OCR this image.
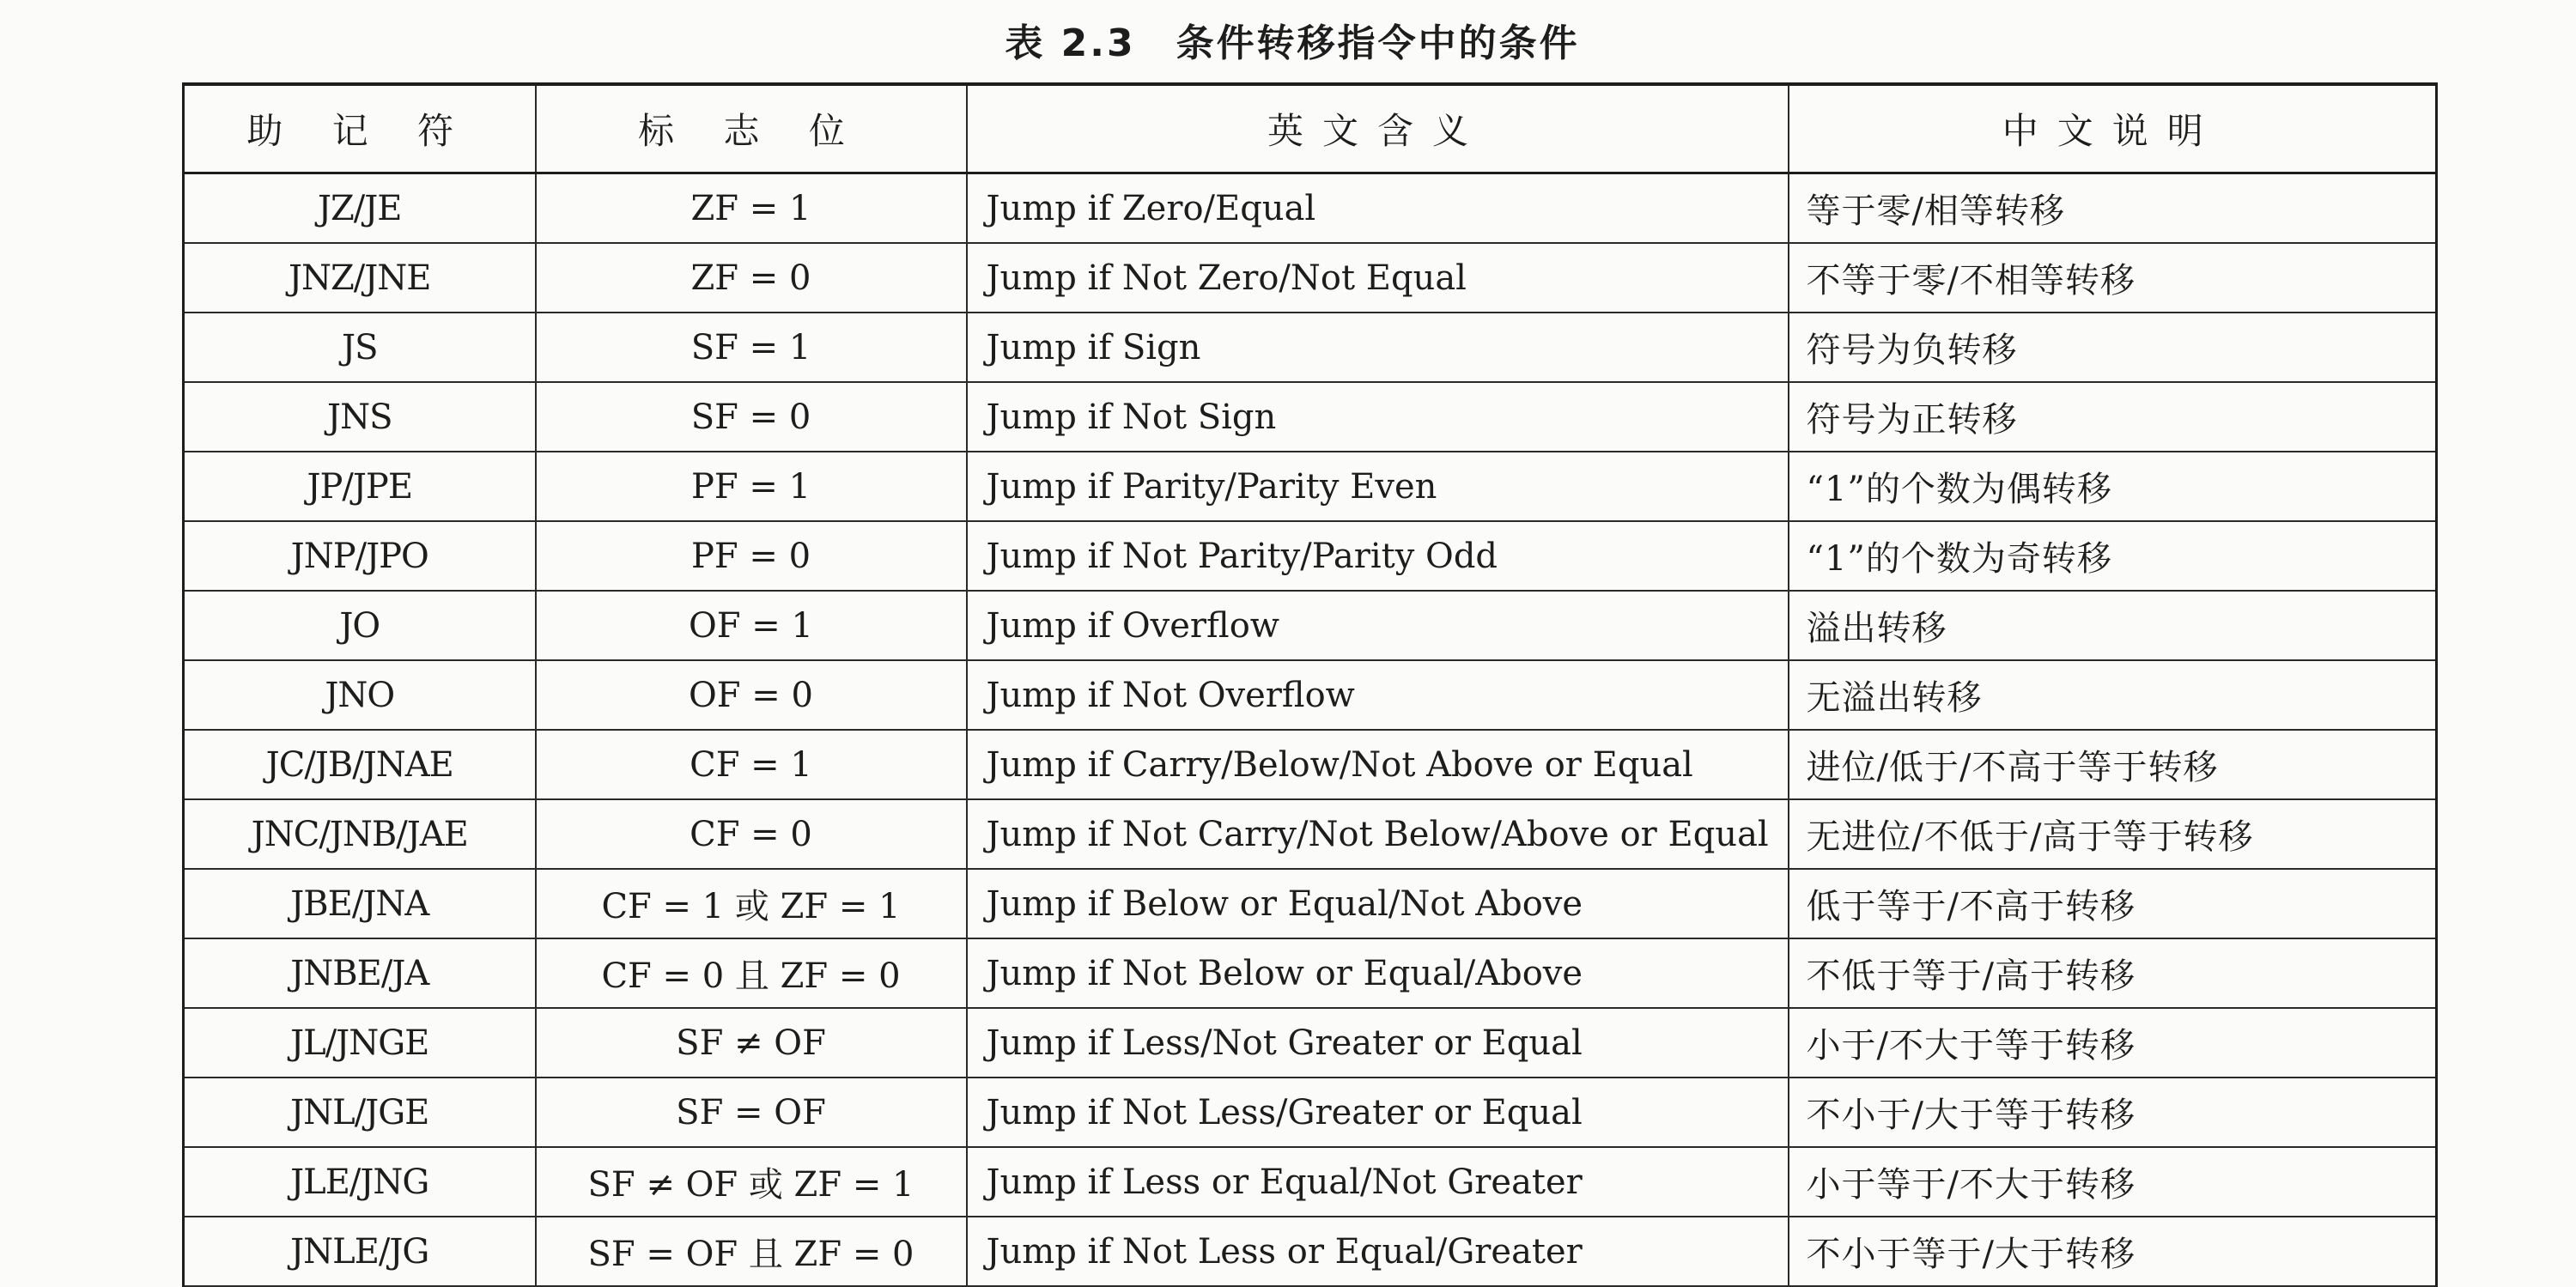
表 2.3　条件转移指令中的条件
助 记 符	标 志 位	英文含义	中文说明
JZ/JE	ZF = 1	Jump if Zero/Equal	等于零/相等转移
JNZ/JNE	ZF = 0	Jump if Not Zero/Not Equal	不等于零/不相等转移
JS	SF = 1	Jump if Sign	符号为负转移
JNS	SF = 0	Jump if Not Sign	符号为正转移
JP/JPE	PF = 1	Jump if Parity/Parity Even	“1”的个数为偶转移
JNP/JPO	PF = 0	Jump if Not Parity/Parity Odd	“1”的个数为奇转移
JO	OF = 1	Jump if Overflow	溢出转移
JNO	OF = 0	Jump if Not Overflow	无溢出转移
JC/JB/JNAE	CF = 1	Jump if Carry/Below/Not Above or Equal	进位/低于/不高于等于转移
JNC/JNB/JAE	CF = 0	Jump if Not Carry/Not Below/Above or Equal	无进位/不低于/高于等于转移
JBE/JNA	CF = 1 或 ZF = 1	Jump if Below or Equal/Not Above	低于等于/不高于转移
JNBE/JA	CF = 0 且 ZF = 0	Jump if Not Below or Equal/Above	不低于等于/高于转移
JL/JNGE	SF ≠ OF	Jump if Less/Not Greater or Equal	小于/不大于等于转移
JNL/JGE	SF = OF	Jump if Not Less/Greater or Equal	不小于/大于等于转移
JLE/JNG	SF ≠ OF 或 ZF = 1	Jump if Less or Equal/Not Greater	小于等于/不大于转移
JNLE/JG	SF = OF 且 ZF = 0	Jump if Not Less or Equal/Greater	不小于等于/大于转移
